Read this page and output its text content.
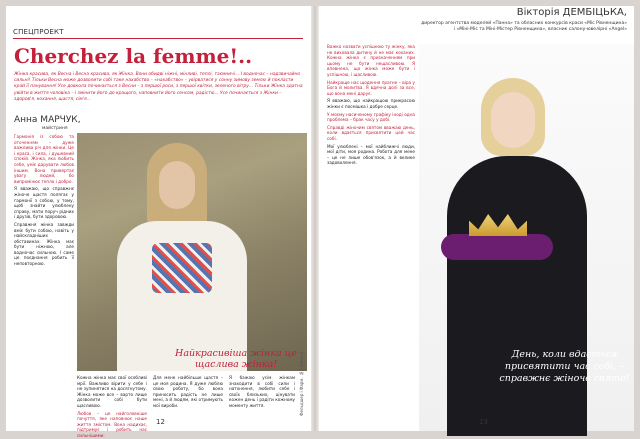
СПЕЦПРОЕКТ
Cherchez la femme!..
Жінка красива, як Весна і Весна красива, як Жінка. Вони обидві ніжні, мінливі, теплі, таємничі… І водночас – надзвичайно сильні! Тільки Весна може дозволити собі таке нахабство – «нахабство» – увірватися у сонну зимову землю й покласти край її панування! Усе довкола починається з Весни – з першої роси, з першої квітки, зеленого вітру… Тільки Жінка здатна увійти в життя чоловіка – і змінити його до кращого, наповнити його сенсом, радістю... Усе починається з Жінки – здоров'я, кохання, щастя, сім'я…
Анна МАРЧУК,
майстриня

Гармонія із собою та оточенням – дуже важлива річ для жінки. Це і краса, і сила, і душевний спокій. Жінка, яка любить себе, уміє дарувати любов іншим. Вона привертає увагу людей, бо випромінює тепло і добро.

Я вважаю, що справжнє жіноче щастя полягає у гармонії з собою, у тому, щоб знайти улюблену справу, мати поруч рідних і друзів, бути здоровою.

Справжня жінка завжди вміє бути собою, навіть у найскладніших обставинах. Жінка має бути ніжною, але водночас сильною. І саме це поєднання робить її неповторною.

Найкрасивіша жінка це щаслива жінка!

Кожна жінка має свої особливі мрії. Важливо вірити у себе і не зупинятися на досягнутому. Жінка може все – варто лише дозволити собі бути щасливою.

Любов – це найголовніше почуття, яке наповнює наше життя змістом. Вона надихає, підтримує і робить нас сильнішими.

Для мене найбільше щастя – це моя родина. Я дуже люблю свою роботу, бо вона приносить радість не лише мені, а й людям, які отримують мої вироби.

Я бажаю усім жінкам знаходити в собі сили і натхнення, любити себе і своїх близьких, цінувати кожен день і радіти кожному моменту життя.	Фельдшер і Фарм. №3 (Весна)
12
Вікторія ДЕМБІЦЬКА,
директор агентства моделей «Панна» та обласних конкурсів краси «Міс Рівненщина»
і «Міні-Міс та Міні-Містер Рівненщина», власник салону-ювелірні «Angel»

Важко назвати успішною ту жінку, яка не виховала дитину й не має коханих. Кожна жінка є призначенням при цьому не бути нещасливою. Я впевнена, що жінка може бути і успішною, і щасливою.

Найкраще нас щодення прагне – віра у Бога й молитва. Я вдячна долі за все, що вона мені дарує.

Я вважаю, що найкращою прикрасою жінки є посмішка і добре серце.

У моєму насиченому графіку іноді одна проблема – брак часу у добі.

Справді жіночим святом вважаю день, коли вдається присвятити цей час собі.

Мої улюблені – мої найближчі люди, мої діти, моя родина. Робота для мене – це не лише обов'язок, а й велике задоволення.

День, коли вдається присвятити час собі, – справжнє жіноче свято!
13
